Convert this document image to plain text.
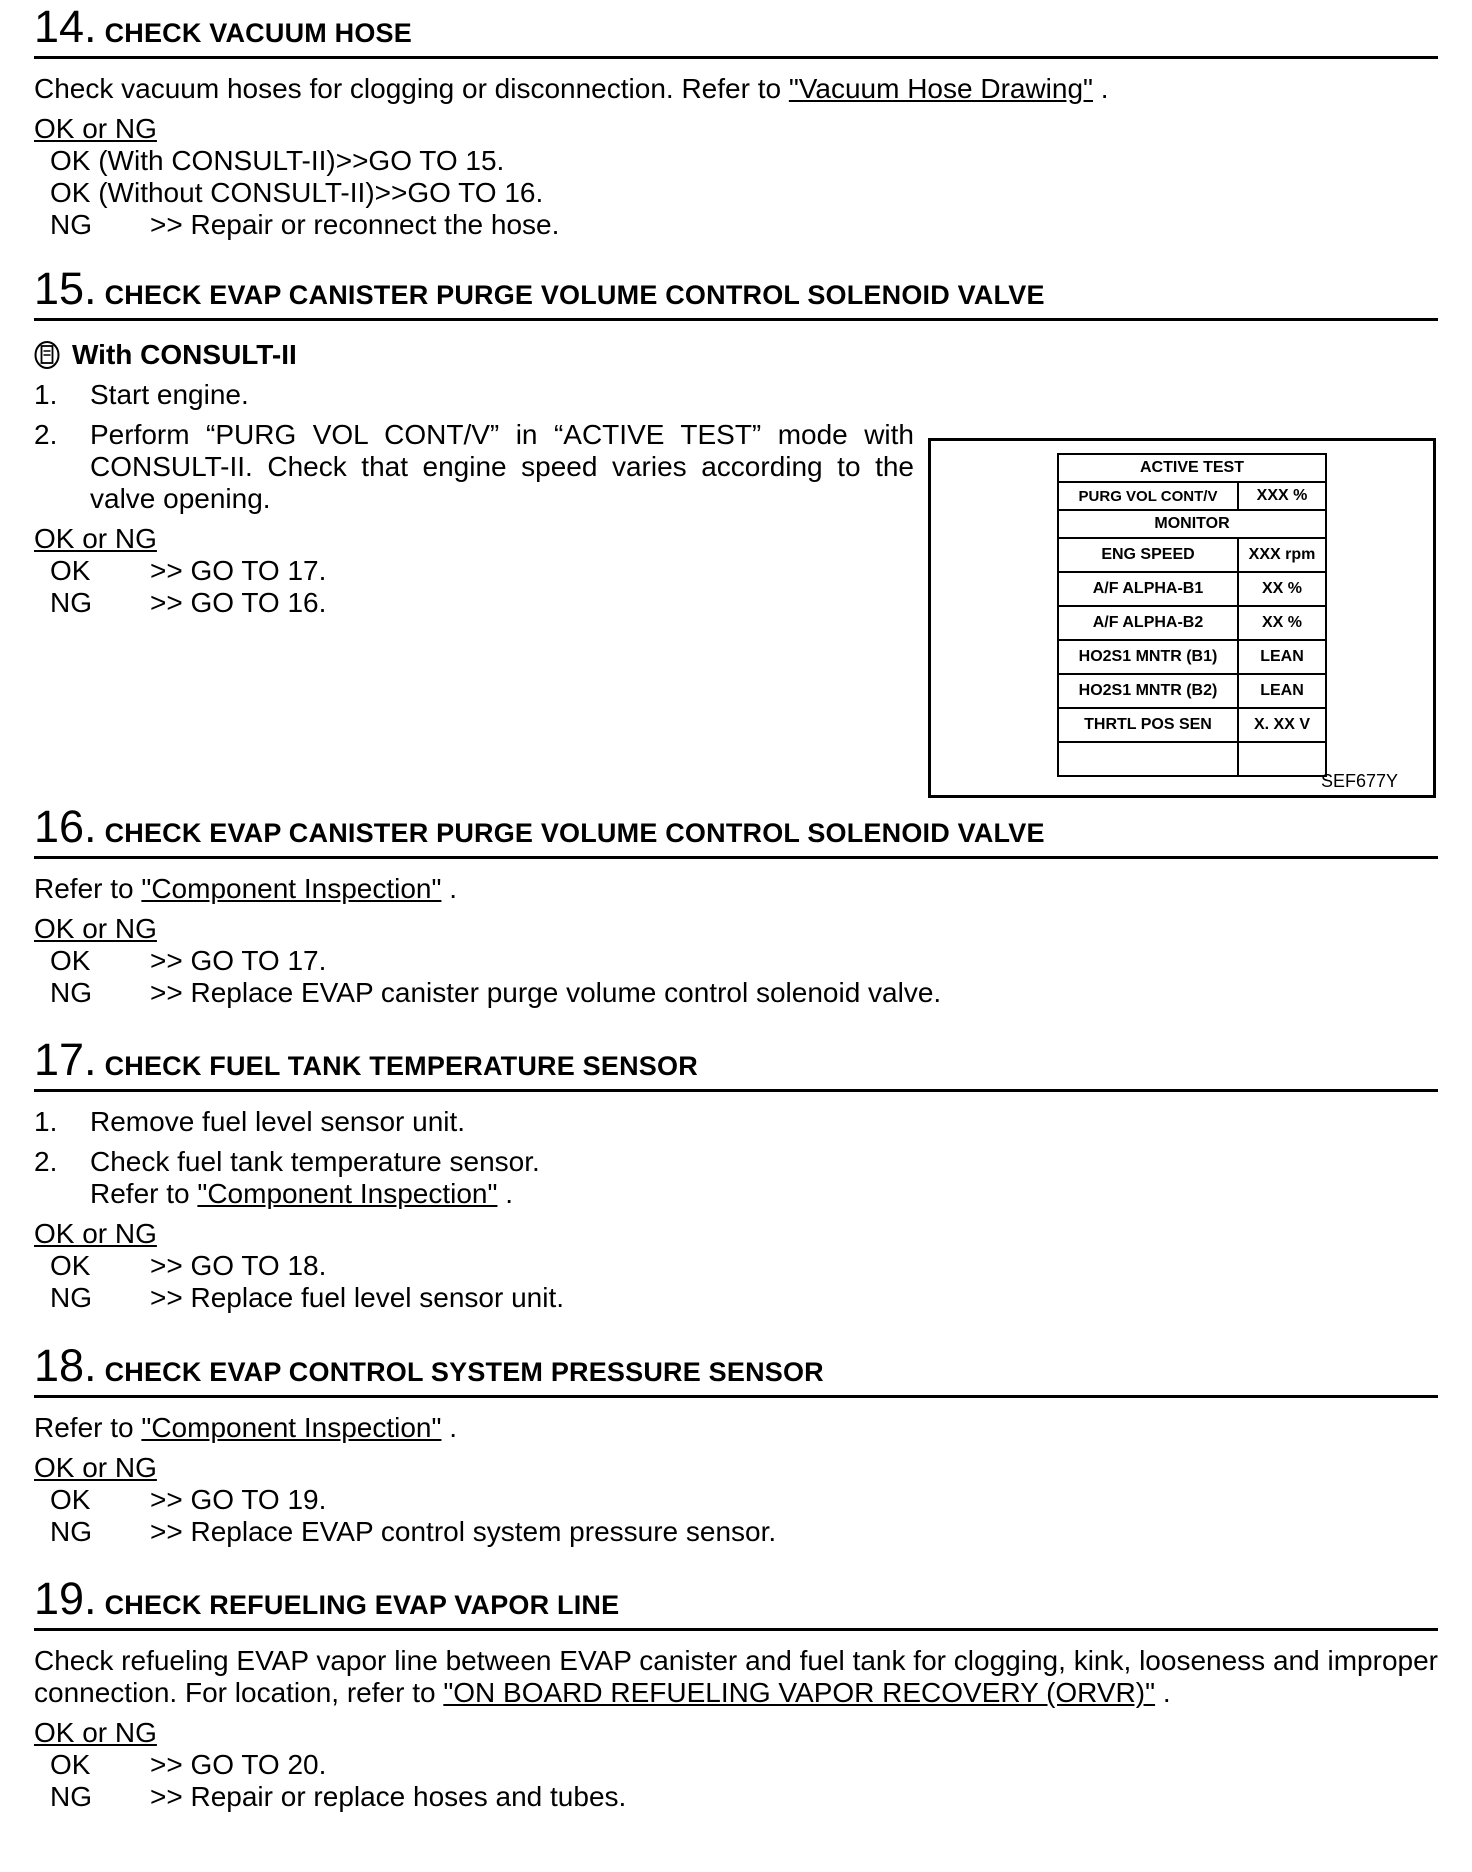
14. CHECK VACUUM HOSE
Check vacuum hoses for clogging or disconnection. Refer to "Vacuum Hose Drawing" .
OK or NG
OK (With CONSULT-II)>>GO TO 15.
OK (Without CONSULT-II)>>GO TO 16.
NG	>> Repair or reconnect the hose.
15. CHECK EVAP CANISTER PURGE VOLUME CONTROL SOLENOID VALVE
With CONSULT-II
1.	Start engine.
2.	Perform “PURG VOL CONT/V” in “ACTIVE TEST” mode with CONSULT-II. Check that engine speed varies according to the valve opening.
OK or NG
OK	>> GO TO 17.
NG	>> GO TO 16.
ACTIVE TEST	
PURG VOL CONT/V	XXX %
MONITOR	
ENG SPEED	XXX rpm
A/F ALPHA-B1	XX %
A/F ALPHA-B2	XX %
HO2S1 MNTR (B1)	LEAN
HO2S1 MNTR (B2)	LEAN
THRTL POS SEN	X. XX V

SEF677Y
16. CHECK EVAP CANISTER PURGE VOLUME CONTROL SOLENOID VALVE
Refer to "Component Inspection" .
OK or NG
OK	>> GO TO 17.
NG	>> Replace EVAP canister purge volume control solenoid valve.
17. CHECK FUEL TANK TEMPERATURE SENSOR
1.	Remove fuel level sensor unit.
2.	Check fuel tank temperature sensor.
Refer to "Component Inspection" .
OK or NG
OK	>> GO TO 18.
NG	>> Replace fuel level sensor unit.
18. CHECK EVAP CONTROL SYSTEM PRESSURE SENSOR
Refer to "Component Inspection" .
OK or NG
OK	>> GO TO 19.
NG	>> Replace EVAP control system pressure sensor.
19. CHECK REFUELING EVAP VAPOR LINE
Check refueling EVAP vapor line between EVAP canister and fuel tank for clogging, kink, looseness and improper connection. For location, refer to "ON BOARD REFUELING VAPOR RECOVERY (ORVR)" .
OK or NG
OK	>> GO TO 20.
NG	>> Repair or replace hoses and tubes.
